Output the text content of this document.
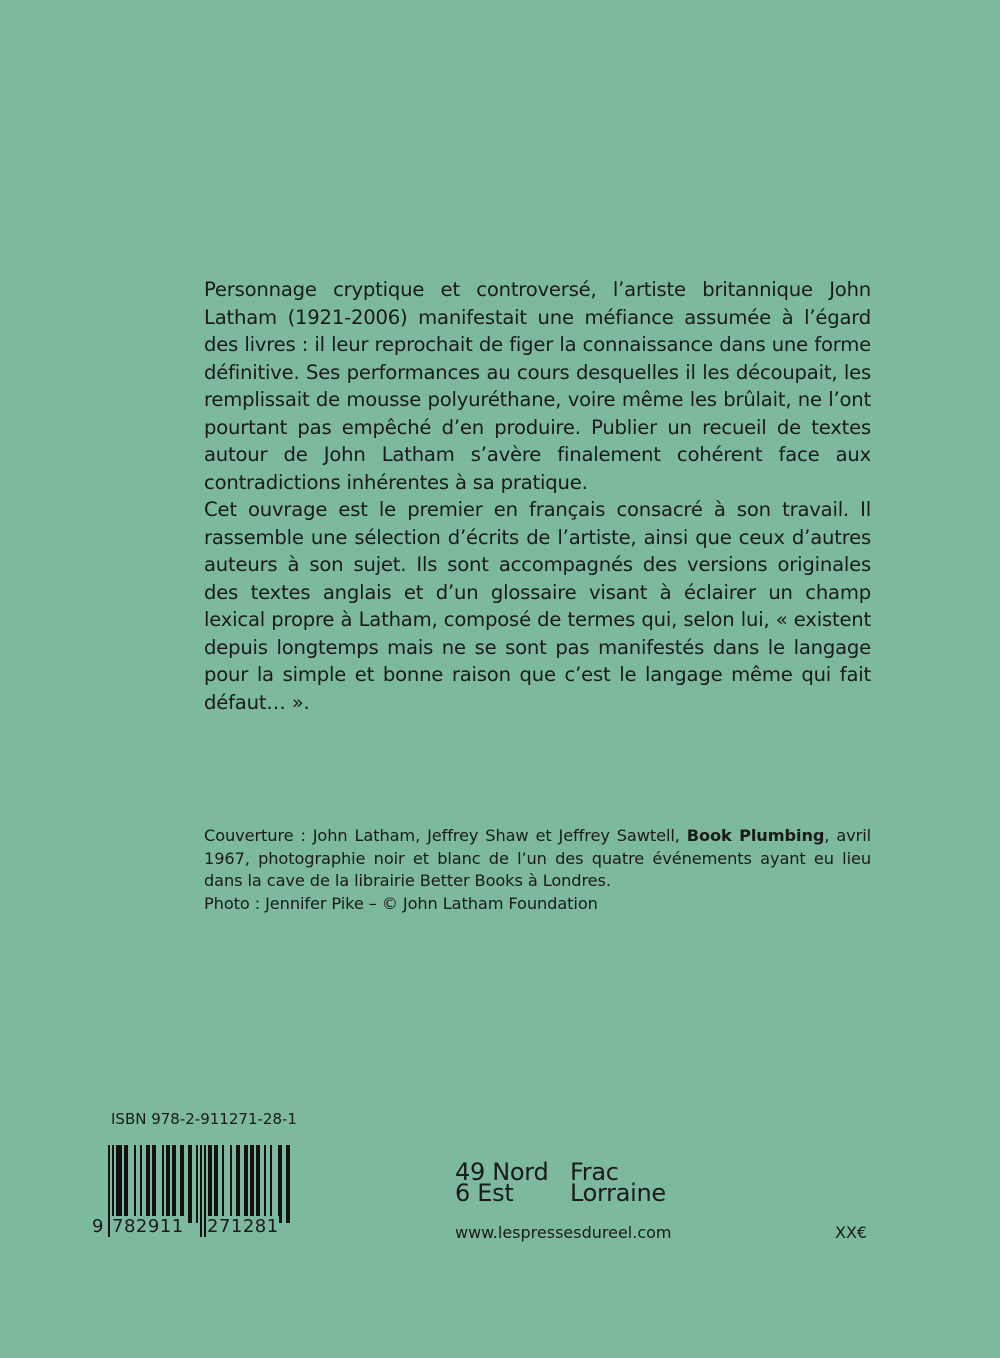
Personnage cryptique et controversé, l’artiste britannique John Latham (1921-2006) manifestait une méfiance assumée à l’égard des livres : il leur reprochait de figer la connaissance dans une forme définitive. Ses performances au cours desquelles il les découpait, les remplissait de mousse polyuréthane, voire même les brûlait, ne l’ont pourtant pas empêché d’en produire. Publier un recueil de textes autour de John Latham s’avère finalement cohérent face aux contradictions inhérentes à sa pratique.

Cet ouvrage est le premier en français consacré à son travail. Il rassemble une sélection d’écrits de l’artiste, ainsi que ceux d’autres auteurs à son sujet. Ils sont accompagnés des versions originales des textes anglais et d’un glossaire visant à éclairer un champ lexical propre à Latham, composé de termes qui, selon lui, « existent depuis longtemps mais ne se sont pas manifestés dans le langage pour la simple et bonne raison que c’est le langage même qui fait défaut… ».

Couverture : John Latham, Jeffrey Shaw et Jeffrey Sawtell, Book Plumbing, avril 1967, photographie noir et blanc de l’un des quatre événements ayant eu lieu dans la cave de la librairie Better Books à Londres.

Photo : Jennifer Pike – © John Latham Foundation

ISBN 978-2-911271-28-1
9 782911 271281
49 Nord
6 Est
Frac
Lorraine
www.lespressesdureel.com	XX€
